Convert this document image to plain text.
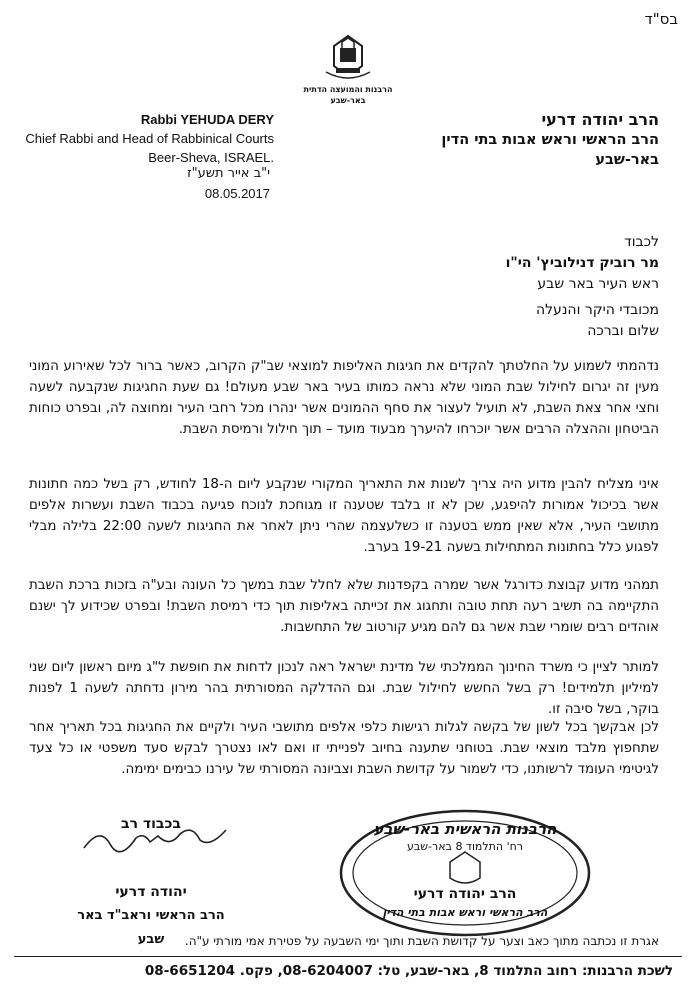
בס"ד
הרבנות והמועצה הדתית
באר-שבע
Rabbi YEHUDA DERY
Chief Rabbi and Head of Rabbinical Courts
Beer-Sheva, ISRAEL.
הרב יהודה דרעי
הרב הראשי וראש אבות בתי הדין
באר-שבע
י"ב אייר תשע"ז
08.05.2017
לכבוד
מר רוביק דנילוביץ' הי"ו
ראש העיר באר שבע
מכובדי היקר והנעלה
שלום וברכה

נדהמתי לשמוע על החלטתך להקדים את חגיגות האליפות למוצאי שב"ק הקרוב, כאשר ברור לכל שאירוע המוני מעין זה יגרום לחילול שבת המוני שלא נראה כמותו בעיר באר שבע מעולם! גם שעת החגיגות שנקבעה לשעה וחצי אחר צאת השבת, לא תועיל לעצור את סחף ההמונים אשר ינהרו מכל רחבי העיר ומחוצה לה, ובפרט כוחות הביטחון וההצלה הרבים אשר יוכרחו להיערך מבעוד מועד – תוך חילול ורמיסת השבת.

איני מצליח להבין מדוע היה צריך לשנות את התאריך המקורי שנקבע ליום ה-18 לחודש, רק בשל כמה חתונות אשר בכיכול אמורות להיפגע, שכן לא זו בלבד שטענה זו מגוחכת לנוכח פגיעה בכבוד השבת ועשרות אלפים מתושבי העיר, אלא שאין ממש בטענה זו כשלעצמה שהרי ניתן לאחר את החגיגות לשעה 22:00 בלילה מבלי לפגוע כלל בחתונות המתחילות בשעה 19-21 בערב.

תמהני מדוע קבוצת כדורגל אשר שמרה בקפדנות שלא לחלל שבת במשך כל העונה ובע"ה בזכות ברכת השבת התקיימה בה תשיב רעה תחת טובה ותחגוג את זכייתה באליפות תוך כדי רמיסת השבת! ובפרט שכידוע לך ישנם אוהדים רבים שומרי שבת אשר גם להם מגיע קורטוב של התחשבות.

למותר לציין כי משרד החינוך הממלכתי של מדינת ישראל ראה לנכון לדחות את חופשת ל"ג מיום ראשון ליום שני למיליון תלמידים! רק בשל החשש לחילול שבת. וגם ההדלקה המסורתית בהר מירון נדחתה לשעה 1 לפנות בוקר, בשל סיבה זו.

לכן אבקשך בכל לשון של בקשה לגלות רגישות כלפי אלפים מתושבי העיר ולקיים את החגיגות בכל תאריך אחר שתחפוץ מלבד מוצאי שבת. בטוחני שתענה בחיוב לפנייתי זו ואם לאו נצטרך לבקש סעד משפטי או כל צעד לגיטימי העומד לרשותנו, כדי לשמור על קדושת השבת וצביונה המסורתי של עירנו כבימים ימימה.

בכבוד רב
יהודה דרעי
הרב הראשי וראב"ד באר שבע
הרבנות הראשית באר-שבע
רח' התלמוד 8 באר-שבע
הרב יהודה דרעי
הרב הראשי וראש אבות בתי הדין
אגרת זו נכתבה מתוך כאב וצער על קדושת השבת ותוך ימי השבעה על פטירת אמי מורתי ע"ה.
לשכת הרבנות: רחוב התלמוד 8, באר-שבע, טל: 08-6204007, פקס. 08-6651204
